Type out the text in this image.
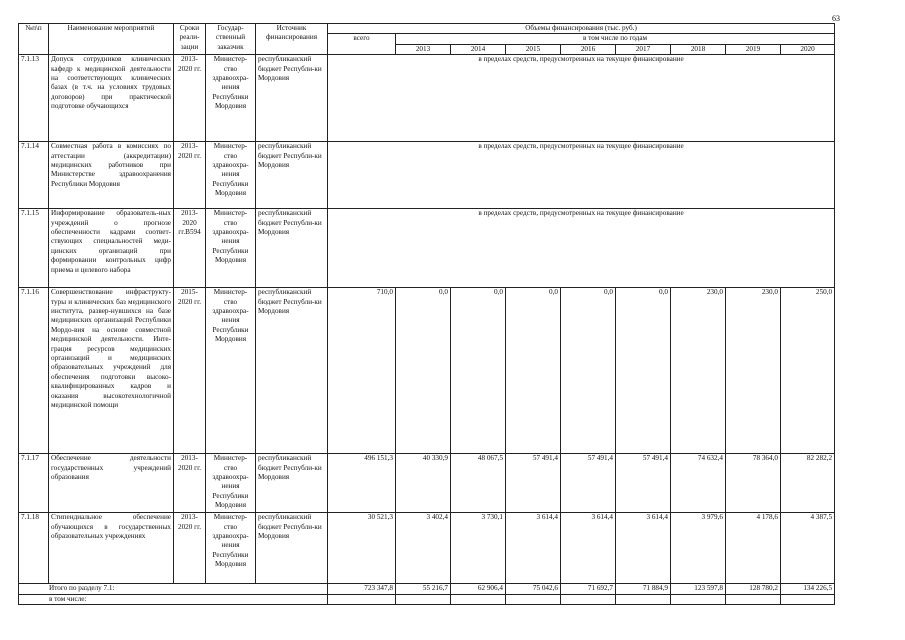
63
№п\п	Наименование мероприятий	Сроки реали-зации	Государ-ственный заказчик	Источник финансирования	Объемы финансирования (тыс. руб.)								
					всего	в том числе по годам							
						2013	2014	2015	2016	2017	2018	2019	2020
7.1.13	Допуск сотрудников клинических кафедр к медицинской деятельности на соответствующих клинических базах (в т.ч. на условиях трудовых договоров) при практической подготовке обучающихся	2013-2020 гг.	Министер-ство здравоохра-нения Республики Мордовия	республиканский бюджет Республи-ки Мордовия	в пределах средств, предусмотренных на текущее финансирование								
7.1.14	Совместная работа в комиссиях по аттестации (аккредитации) медицинских работников при Министерстве здравоохранения Республики Мордовия	2013-2020 гг.	Министер-ство здравоохра-нения Республики Мордовия	республиканский бюджет Республи-ки Мордовия	в пределах средств, предусмотренных на текущее финансирование								
7.1.15	Информирование образователь-ных учреждений о прогнозе обеспеченности кадрами соответ-ствующих специальностей меди-цинских организаций при формировании контрольных цифр приема и целевого набора	2013-2020 гг.В594	Министер-ство здравоохра-нения Республики Мордовия	республиканский бюджет Республи-ки Мордовия	в пределах средств, предусмотренных на текущее финансирование								
7.1.16	Совершенствование инфраструкту-туры и клинических баз медицинского института, развер-нувшихся на базе медицинских организаций Республики Мордо-вия на основе совместной медицинской деятельности. Инте-грация ресурсов медицинских организаций и медицинских образовательных учреждений для обеспечения подготовки высоко-квалифицированных кадров и оказания высокотехнологичной медицинской помощи	2015-2020 гг.	Министер-ство здравоохра-нения Республики Мордовия	республиканский бюджет Республи-ки Мордовия	710,0	0,0	0,0	0,0	0,0	0,0	230,0	230,0	250,0
7.1.17	Обеспечение деятельности государственных учреждений образования	2013-2020 гг.	Министер-ство здравоохра-нения Республики Мордовия	республиканский бюджет Республи-ки Мордовия	496 151,3	40 330,9	48 067,5	57 491,4	57 491,4	57 491,4	74 632,4	78 364,0	82 282,2
7.1.18	Стипендиальное обеспечение обучающихся в государственных образовательных учреждениях	2013-2020 гг.	Министер-ство здравоохра-нения Республики Мордовия	республиканский бюджет Республи-ки Мордовия	30 521,3	3 402,4	3 730,1	3 614,4	3 614,4	3 614,4	3 979,6	4 178,6	4 387,5
Итого по разделу 7.1:					723 347,8	55 216,7	62 906,4	75 042,6	71 692,7	71 884,9	123 597,8	128 780,2	134 226,5
в том числе:													
